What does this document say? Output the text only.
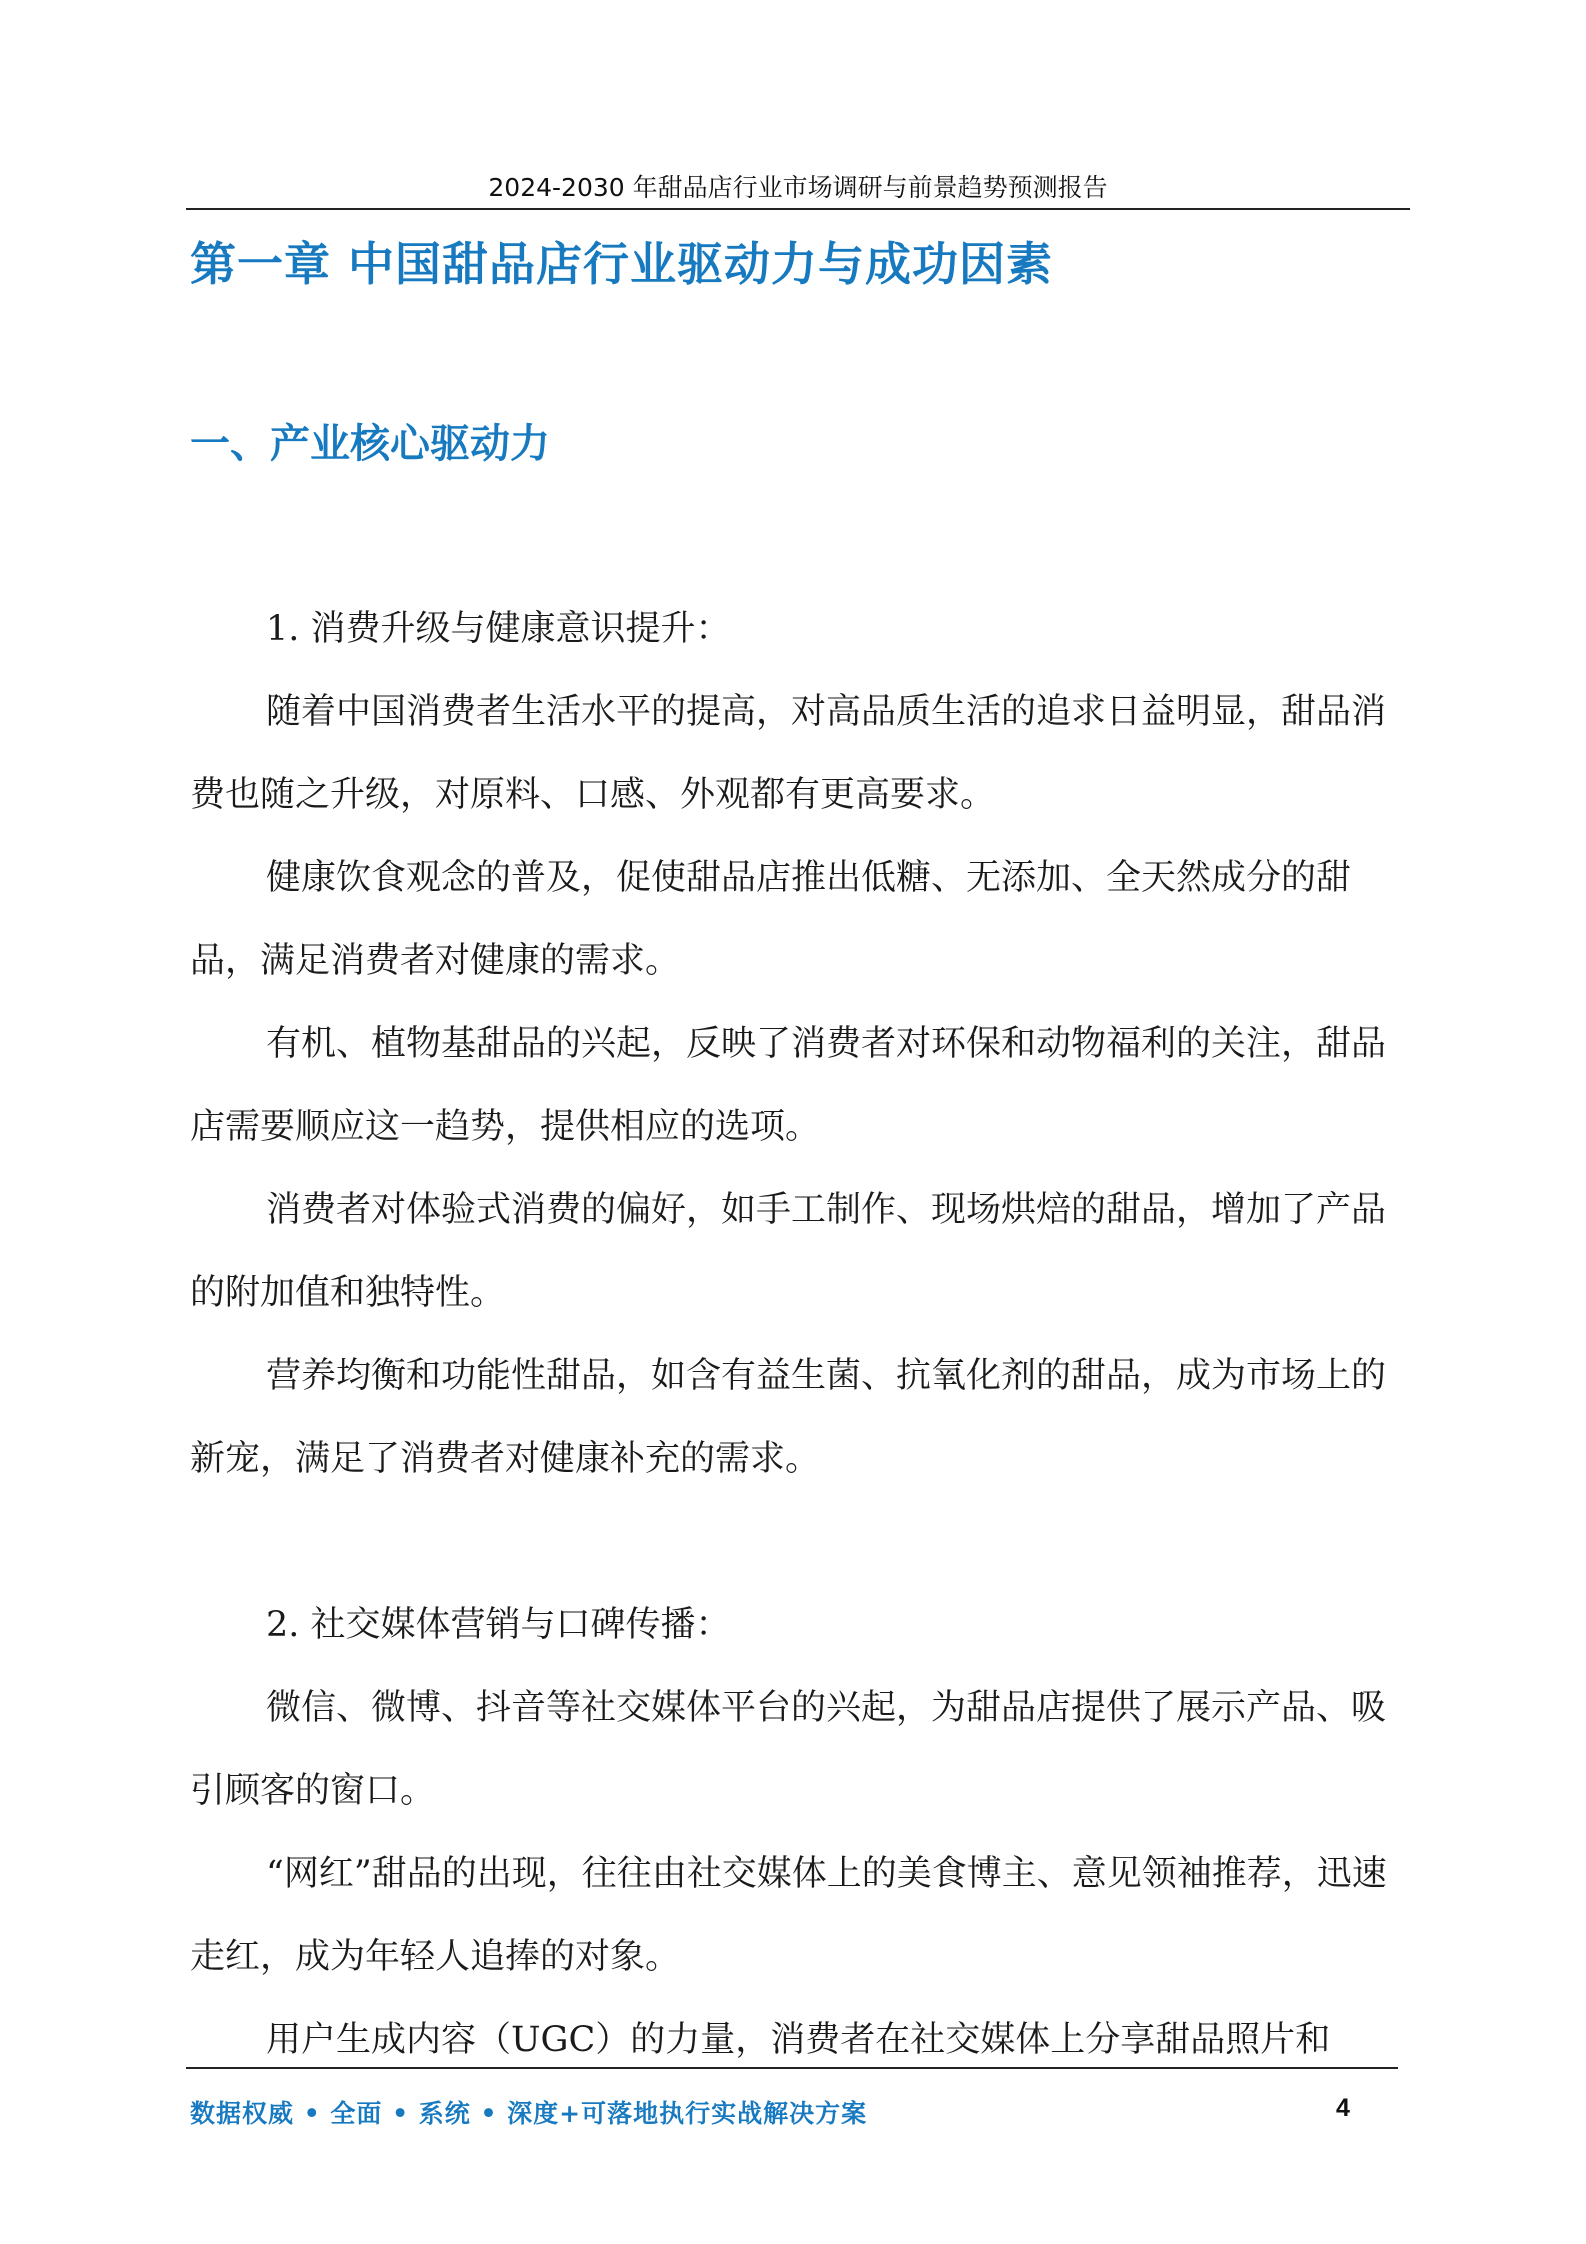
2024-2030 年甜品店行业市场调研与前景趋势预测报告
第一章 中国甜品店行业驱动力与成功因素
一、产业核心驱动力

1. 消费升级与健康意识提升：

随着中国消费者生活水平的提高，对高品质生活的追求日益明显，甜品消费也随之升级，对原料、口感、外观都有更高要求。

健康饮食观念的普及，促使甜品店推出低糖、无添加、全天然成分的甜品，满足消费者对健康的需求。

有机、植物基甜品的兴起，反映了消费者对环保和动物福利的关注，甜品店需要顺应这一趋势，提供相应的选项。

消费者对体验式消费的偏好，如手工制作、现场烘焙的甜品，增加了产品的附加值和独特性。

营养均衡和功能性甜品，如含有益生菌、抗氧化剂的甜品，成为市场上的新宠，满足了消费者对健康补充的需求。

2. 社交媒体营销与口碑传播：

微信、微博、抖音等社交媒体平台的兴起，为甜品店提供了展示产品、吸引顾客的窗口。

“网红”甜品的出现，往往由社交媒体上的美食博主、意见领袖推荐，迅速走红，成为年轻人追捧的对象。

用户生成内容（UGC）的力量，消费者在社交媒体上分享甜品照片和

数据权威 • 全面 • 系统 • 深度+可落地执行实战解决方案	4
